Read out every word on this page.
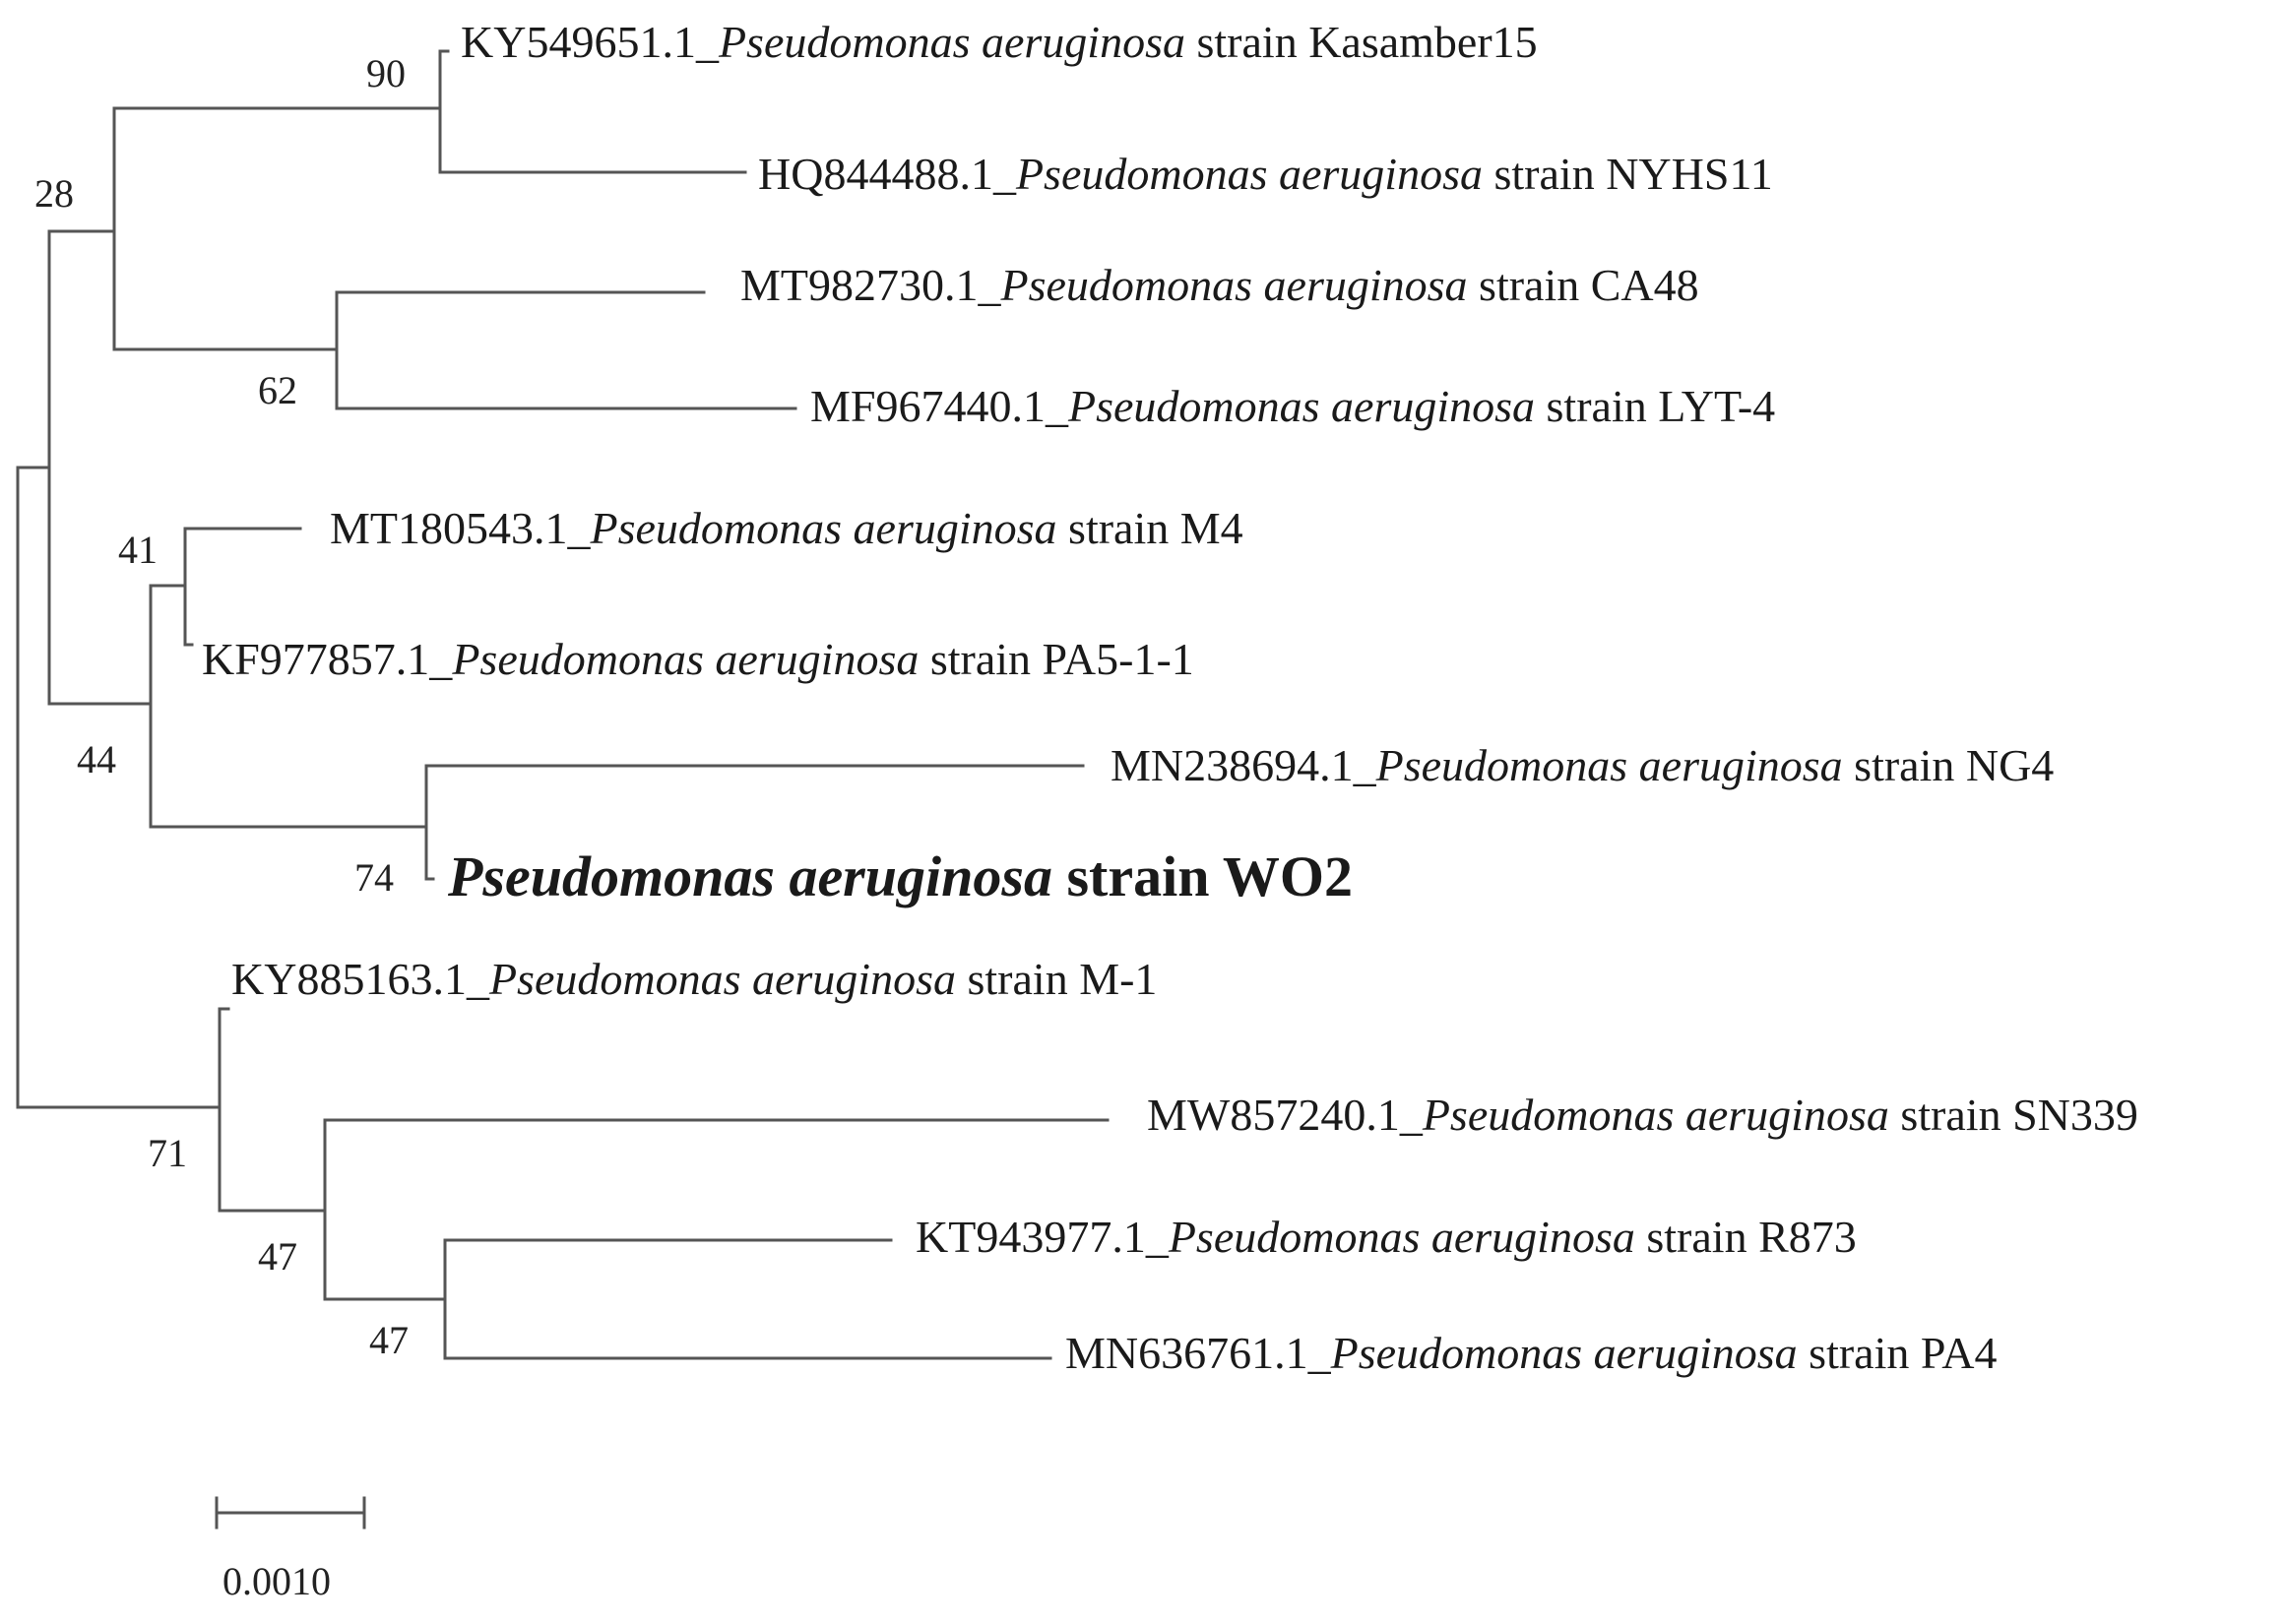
KY549651.1_Pseudomonas aeruginosa strain Kasamber15
HQ844488.1_Pseudomonas aeruginosa strain NYHS11
MT982730.1_Pseudomonas aeruginosa strain CA48
MF967440.1_Pseudomonas aeruginosa strain LYT-4
MT180543.1_Pseudomonas aeruginosa strain M4
KF977857.1_Pseudomonas aeruginosa strain PA5-1-1
MN238694.1_Pseudomonas aeruginosa strain NG4
Pseudomonas aeruginosa strain WO2
KY885163.1_Pseudomonas aeruginosa strain M-1
MW857240.1_Pseudomonas aeruginosa strain SN339
KT943977.1_Pseudomonas aeruginosa strain R873
MN636761.1_Pseudomonas aeruginosa strain PA4
90
28
62
41
44
74
71
47
47
0.0010
